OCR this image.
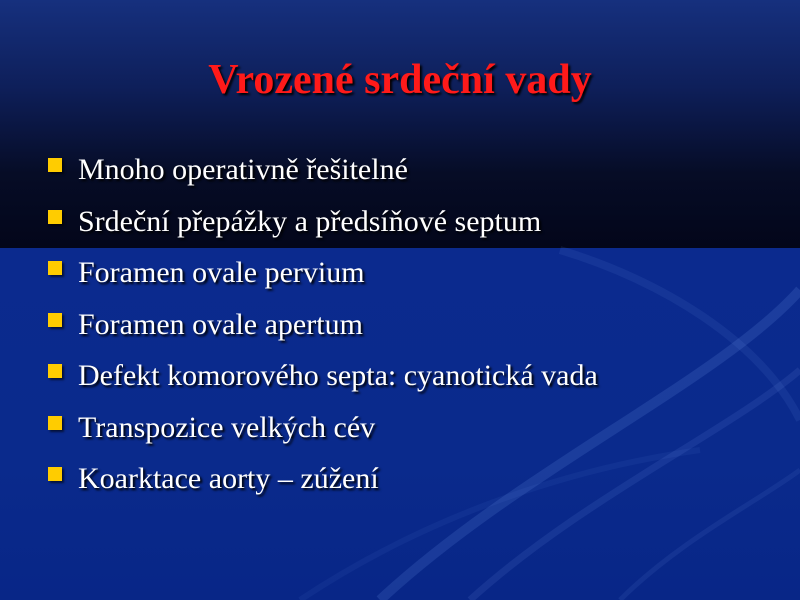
Vrozené srdeční vady
Mnoho operativně řešitelné
Srdeční přepážky a předsíňové septum
Foramen ovale pervium
Foramen ovale apertum
Defekt komorového septa: cyanotická vada
Transpozice velkých cév
Koarktace aorty – zúžení
